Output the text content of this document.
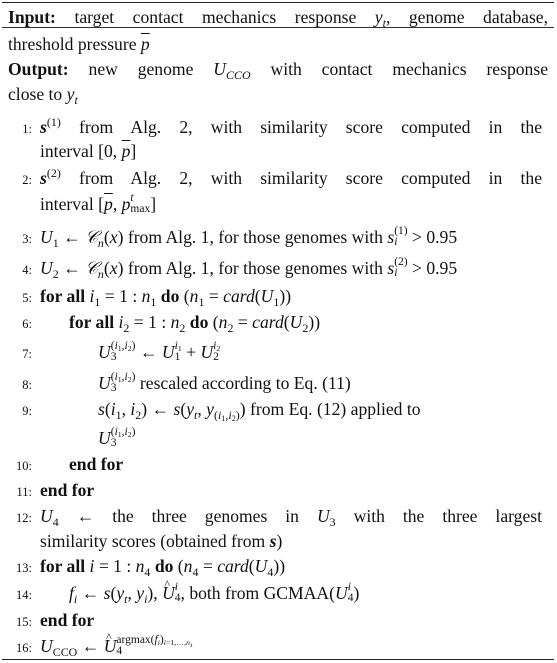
Input: target contact mechanics response $y_t$, genome database,
threshold pressure $\overline{p}$
Output: new genome $U_{CCO}$ with contact mechanics response
close to $y_t$
1: $s^{(1)}$ from Alg. 2, with similarity score computed in the
interval [0, $\overline{p}$]
2: $s^{(2)}$ from Alg. 2, with similarity score computed in the
interval [$\overline{p}$, p t
max ]
3: $U_1$ ← 𝒞$_n$(x) from Alg. 1, for those genomes with s (1)
i > 0.95
4: $U_2$ ← 𝒞$_n$(x) from Alg. 1, for those genomes with s (2)
i > 0.95
5: for all $i_1 = 1$ : $n_1$ do ($n_1$ = $card(U_1)$)
6: for all $i_2 = 1$ : $n_2$ do ($n_2$ = $card(U_2)$)
7:	U $(i_1,i_2)$
3	← U $i_1$
1 + U $i_2$
2
8:	U $(i_1,i_2)$
3	rescaled according to Eq. (11)
9:	$s(i_1$, $i_2$) ← $s(y_t$, $y_{(i_1,i_2)}$) from Eq. (12) applied to
U $(i_1,i_2)$
3
10: end for
11: end for
12: $U_4$ ← the three genomes in $U_3$ with the three largest
similarity scores (obtained from s)
13: for all i = 1 : $n_4$ do ($n_4$ = $card(U_4)$)
14: $f_i$ ← $s(y_t$, $y_i$), ^ U i
4 , both from GCMAA(U i
4 )
15: end for
16: $U_{CCO}$ ← ^ U $argmax(f_i)_{i=1,\dots,n_4}$
4
